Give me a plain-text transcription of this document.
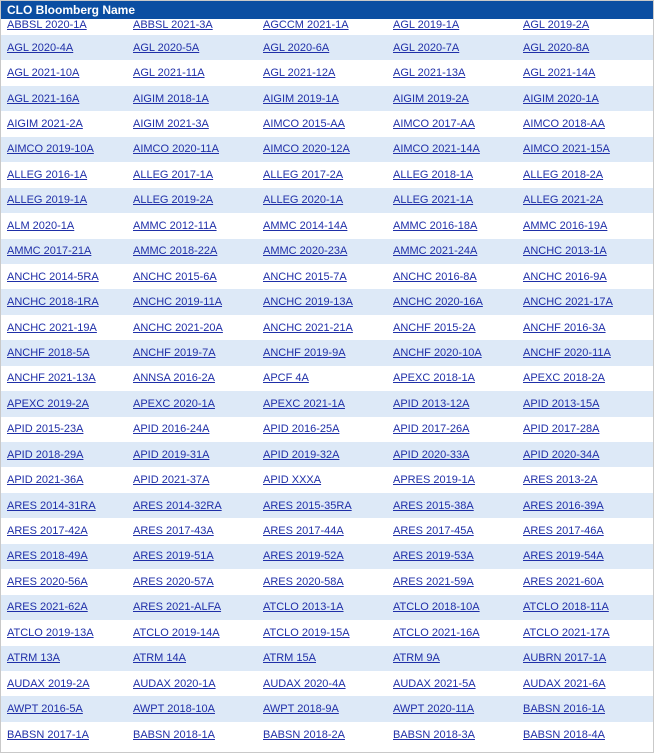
CLO Bloomberg Name
ABBSL 2020-1A	ABBSL 2021-3A	AGCCM 2021-1A	AGL 2019-1A	AGL 2019-2A
AGL 2020-4A	AGL 2020-5A	AGL 2020-6A	AGL 2020-7A	AGL 2020-8A
AGL 2021-10A	AGL 2021-11A	AGL 2021-12A	AGL 2021-13A	AGL 2021-14A
AGL 2021-16A	AIGIM 2018-1A	AIGIM 2019-1A	AIGIM 2019-2A	AIGIM 2020-1A
AIGIM 2021-2A	AIGIM 2021-3A	AIMCO 2015-AA	AIMCO 2017-AA	AIMCO 2018-AA
AIMCO 2019-10A	AIMCO 2020-11A	AIMCO 2020-12A	AIMCO 2021-14A	AIMCO 2021-15A
ALLEG 2016-1A	ALLEG 2017-1A	ALLEG 2017-2A	ALLEG 2018-1A	ALLEG 2018-2A
ALLEG 2019-1A	ALLEG 2019-2A	ALLEG 2020-1A	ALLEG 2021-1A	ALLEG 2021-2A
ALM 2020-1A	AMMC 2012-11A	AMMC 2014-14A	AMMC 2016-18A	AMMC 2016-19A
AMMC 2017-21A	AMMC 2018-22A	AMMC 2020-23A	AMMC 2021-24A	ANCHC 2013-1A
ANCHC 2014-5RA	ANCHC 2015-6A	ANCHC 2015-7A	ANCHC 2016-8A	ANCHC 2016-9A
ANCHC 2018-1RA	ANCHC 2019-11A	ANCHC 2019-13A	ANCHC 2020-16A	ANCHC 2021-17A
ANCHC 2021-19A	ANCHC 2021-20A	ANCHC 2021-21A	ANCHF 2015-2A	ANCHF 2016-3A
ANCHF 2018-5A	ANCHF 2019-7A	ANCHF 2019-9A	ANCHF 2020-10A	ANCHF 2020-11A
ANCHF 2021-13A	ANNSA 2016-2A	APCF 4A	APEXC 2018-1A	APEXC 2018-2A
APEXC 2019-2A	APEXC 2020-1A	APEXC 2021-1A	APID 2013-12A	APID 2013-15A
APID 2015-23A	APID 2016-24A	APID 2016-25A	APID 2017-26A	APID 2017-28A
APID 2018-29A	APID 2019-31A	APID 2019-32A	APID 2020-33A	APID 2020-34A
APID 2021-36A	APID 2021-37A	APID XXXA	APRES 2019-1A	ARES 2013-2A
ARES 2014-31RA	ARES 2014-32RA	ARES 2015-35RA	ARES 2015-38A	ARES 2016-39A
ARES 2017-42A	ARES 2017-43A	ARES 2017-44A	ARES 2017-45A	ARES 2017-46A
ARES 2018-49A	ARES 2019-51A	ARES 2019-52A	ARES 2019-53A	ARES 2019-54A
ARES 2020-56A	ARES 2020-57A	ARES 2020-58A	ARES 2021-59A	ARES 2021-60A
ARES 2021-62A	ARES 2021-ALFA	ATCLO 2013-1A	ATCLO 2018-10A	ATCLO 2018-11A
ATCLO 2019-13A	ATCLO 2019-14A	ATCLO 2019-15A	ATCLO 2021-16A	ATCLO 2021-17A
ATRM 13A	ATRM 14A	ATRM 15A	ATRM 9A	AUBRN 2017-1A
AUDAX 2019-2A	AUDAX 2020-1A	AUDAX 2020-4A	AUDAX 2021-5A	AUDAX 2021-6A
AWPT 2016-5A	AWPT 2018-10A	AWPT 2018-9A	AWPT 2020-11A	BABSN 2016-1A
BABSN 2017-1A	BABSN 2018-1A	BABSN 2018-2A	BABSN 2018-3A	BABSN 2018-4A
